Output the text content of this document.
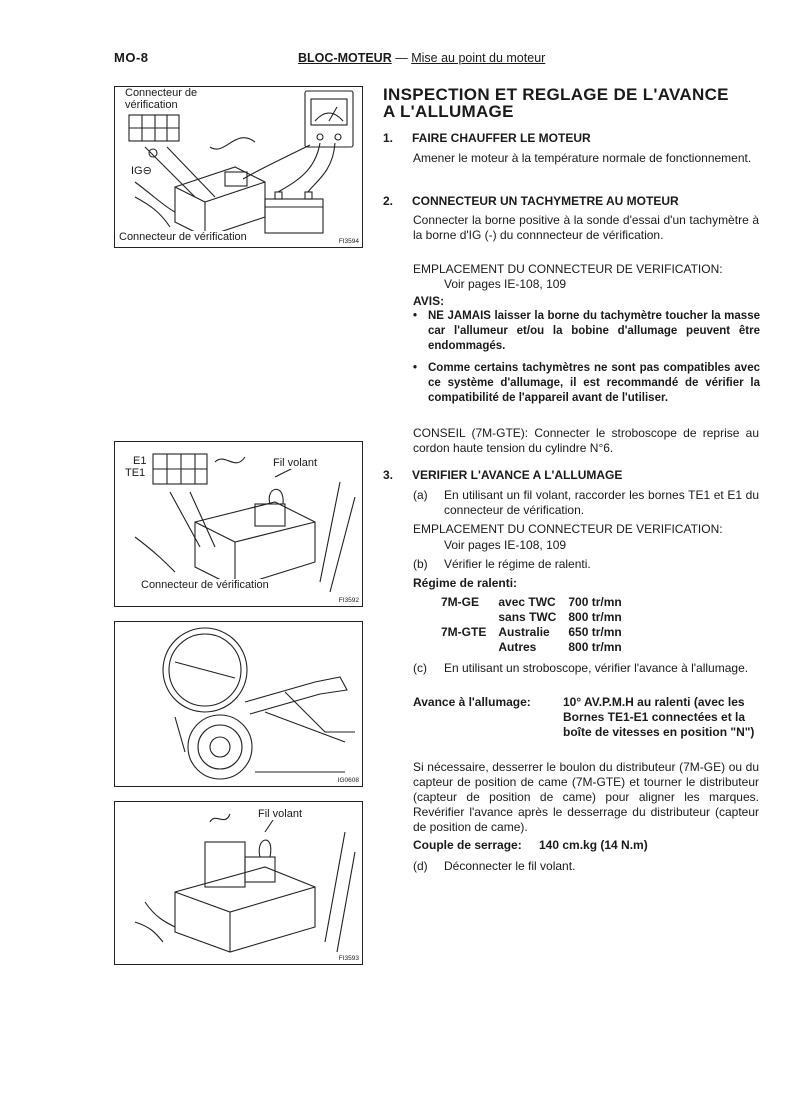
MO-8	BLOC-MOTEUR — Mise au point du moteur
Connecteur de vérification
IG⊖
Connecteur de vérification	FI3594
E1
TE1
Fil volant
Connecteur de vérification
FI3592
IG0608
Fil volant
FI3593
INSPECTION ET REGLAGE DE L'AVANCE
A L'ALLUMAGE
1. FAIRE CHAUFFER LE MOTEUR
Amener le moteur à la température normale de fonctionnement.
2. CONNECTEUR UN TACHYMETRE AU MOTEUR
Connecter la borne positive à la sonde d'essai d'un tachymètre à la borne d'IG (-) du connnecteur de vérification.
EMPLACEMENT DU CONNECTEUR DE VERIFICATION:
Voir pages IE-108, 109
AVIS:
• NE JAMAIS laisser la borne du tachymètre toucher la masse car l'allumeur et/ou la bobine d'allumage peuvent être endommagés.
• Comme certains tachymètres ne sont pas compatibles avec ce système d'allumage, il est recommandé de vérifier la compatibilité de l'appareil avant de l'utiliser.
CONSEIL (7M-GTE): Connecter le stroboscope de reprise au cordon haute tension du cylindre N°6.
3. VERIFIER L'AVANCE A L'ALLUMAGE
(a)	En utilisant un fil volant, raccorder les bornes TE1 et E1 du connecteur de vérification.
EMPLACEMENT DU CONNECTEUR DE VERIFICATION:
Voir pages IE-108, 109
(b)	Vérifier le régime de ralenti.
Régime de ralenti:
7M-GE	avec TWC	700 tr/mn
	sans TWC	800 tr/mn
7M-GTE	Australie	650 tr/mn
	Autres	800 tr/mn
(c)	En utilisant un stroboscope, vérifier l'avance à l'allumage.
Avance à l'allumage:	10° AV.P.M.H au ralenti (avec les Bornes TE1-E1 connectées et la boîte de vitesses en position "N")
Si nécessaire, desserrer le boulon du distributeur (7M-GE) ou du capteur de position de came (7M-GTE) et tourner le distributeur (capteur de position de came) pour aligner les marques. Revérifier l'avance après le desserrage du distributeur (capteur de position de came).
Couple de serrage:	140 cm.kg (14 N.m)
(d)	Déconnecter le fil volant.
